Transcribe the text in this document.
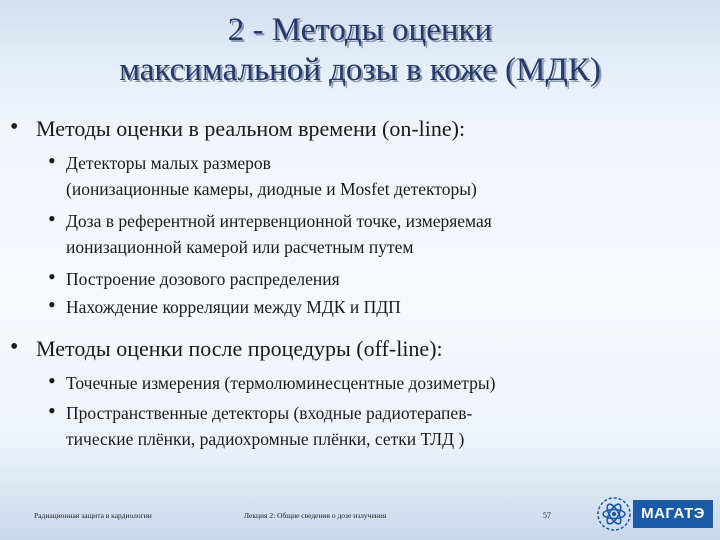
2 - Методы оценки
максимальной дозы в коже (МДК)
• Методы оценки в реальном времени (on-line):
• Детекторы малых размеров
(ионизационные камеры, диодные и Mosfet детекторы)
• Доза в референтной интервенционной точке, измеряемая
ионизационной камерой или расчетным путем
• Построение дозового распределения
• Нахождение корреляции между МДК и ПДП
• Методы оценки после процедуры (off-line):
• Точечные измерения (термолюминесцентные дозиметры)
• Пространственные детекторы (входные радиотерапев-
тические плёнки, радиохромные плёнки, сетки ТЛД )
Радиационная защита в кардиологии	Лекция 2: Общие сведения о дозе излучения	57	МАГАТЭ
